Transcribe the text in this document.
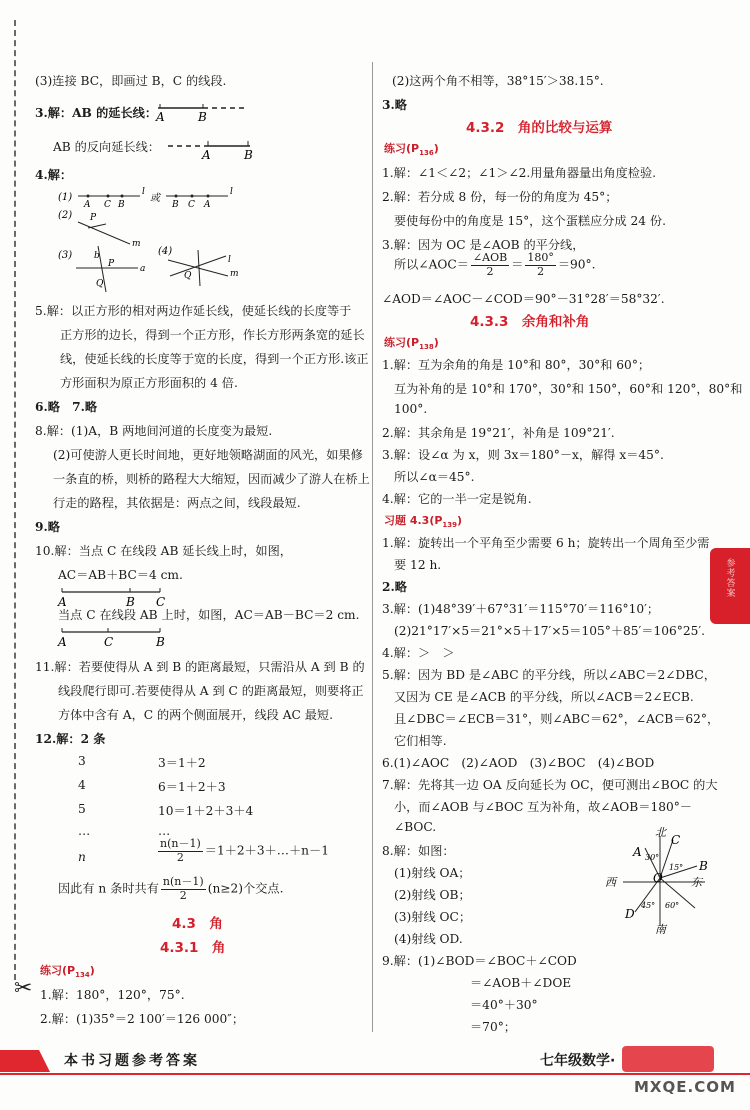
(3)连接 BC，即画过 B，C 的线段.
3.解：AB 的延长线：
A	B
AB 的反向延长线：
A	B
4.解：
(1)
A C B
l
或
B C A
l
(2) P
m
(3)
a
b
P
Q
(4)
Q	m
l
5.解：以正方形的相对两边作延长线，使延长线的长度等于
正方形的边长，得到一个正方形，作长方形两条宽的延长
线，使延长线的长度等于宽的长度，得到一个正方形.该正
方形面积为原正方形面积的 4 倍.
6.略　7.略
8.解：(1)A，B 两地间河道的长度变为最短.
(2)可使游人更长时间地，更好地领略湖面的风光，如果修
一条直的桥，则桥的路程大大缩短，因而减少了游人在桥上
行走的路程，其依据是：两点之间，线段最短.
9.略
10.解：当点 C 在线段 AB 延长线上时，如图，
AC＝AB＋BC＝4 cm.
A	B C
当点 C 在线段 AB 上时，如图，AC＝AB－BC＝2 cm.
A	C	B
11.解：若要使得从 A 到 B 的距离最短，只需沿从 A 到 B 的
线段爬行即可.若要使得从 A 到 C 的距离最短，则要将正
方体中含有 A，C 的两个侧面展开，线段 AC 最短.
12.解：2 条
3	3＝1＋2
4	6＝1＋2＋3
5	10＝1＋2＋3＋4
…	…
n	$\frac{n(n-1)}{2}$ ＝1＋2＋3＋…＋n－1
因此有 n 条时共有 $\frac{n(n-1)}{2} (n\ge 2)$个交点.
4.3　角
4.3.1　角
练习$(P_{134})$
✂ 1.解：180°，120°，75°.
2.解：(1)35°＝2 100′＝126 000″；
(2)这两个角不相等，38°15′＞38.15°.
3.略
4.3.2　角的比较与运算
练习$(P_{136})$
1.解：∠1＜∠2；∠1＞∠2.用量角器量出角度检验.
2.解：若分成 8 份，每一份的角度为 45°；
要使每份中的角度是 15°，这个蛋糕应分成 24 份.
3.解：因为 OC 是∠AOB 的平分线，
所以∠AOC＝ $\frac{\text{∠AOB}}{2} = \frac{180^\circ}{2} =90^\circ$.
∠AOD＝∠AOC－∠COD＝90°－31°28′＝58°32′.
4.3.3　余角和补角
练习$(P_{138})$
1.解：互为余角的角是 10°和 80°，30°和 60°；
互为补角的是 10°和 170°，30°和 150°，60°和 120°，80°和
100°.
2.解：其余角是 19°21′，补角是 109°21′.
3.解：设∠α 为 x，则 3x＝180°－x，解得 x＝45°.
所以∠α＝45°.
4.解：它的一半一定是锐角.
习题 $4.3(P_{139})$
1.解：旋转出一个平角至少需要 6 h；旋转出一个周角至少需
要 12 h.
2.略
3.解：(1)48°39′＋67°31′＝115°70′＝116°10′；
(2)21°17′×5＝21°×5＋17′×5＝105°＋85′＝106°25′.
4.解：＞　＞
5.解：因为 BD 是∠ABC 的平分线，所以∠ABC＝2∠DBC，
又因为 CE 是∠ACB 的平分线，所以∠ACB＝2∠ECB.
且∠DBC＝∠ECB＝31°，则∠ABC＝62°，∠ACB＝62°，
它们相等.
6.(1)∠AOC　(2)∠AOD　(3)∠BOC　(4)∠BOD
7.解：先将其一边 OA 反向延长为 OC，便可测出∠BOC 的大
小，而∠AOB 与∠BOC 互为补角，故∠AOB＝180°－
∠BOC.
8.解：如图：
(1)射线 OA；
(2)射线 OB；
(3)射线 OC；
(4)射线 OD.
北
南
西	东
A
C
B
D
O
30°
15°
45° 60°
9.解：(1)∠BOD＝∠BOC＋∠COD
＝∠AOB＋∠DOE
＝40°＋30°
＝70°；
参考答案
本书习题参考答案	七年级数学·
MXQE.COM
